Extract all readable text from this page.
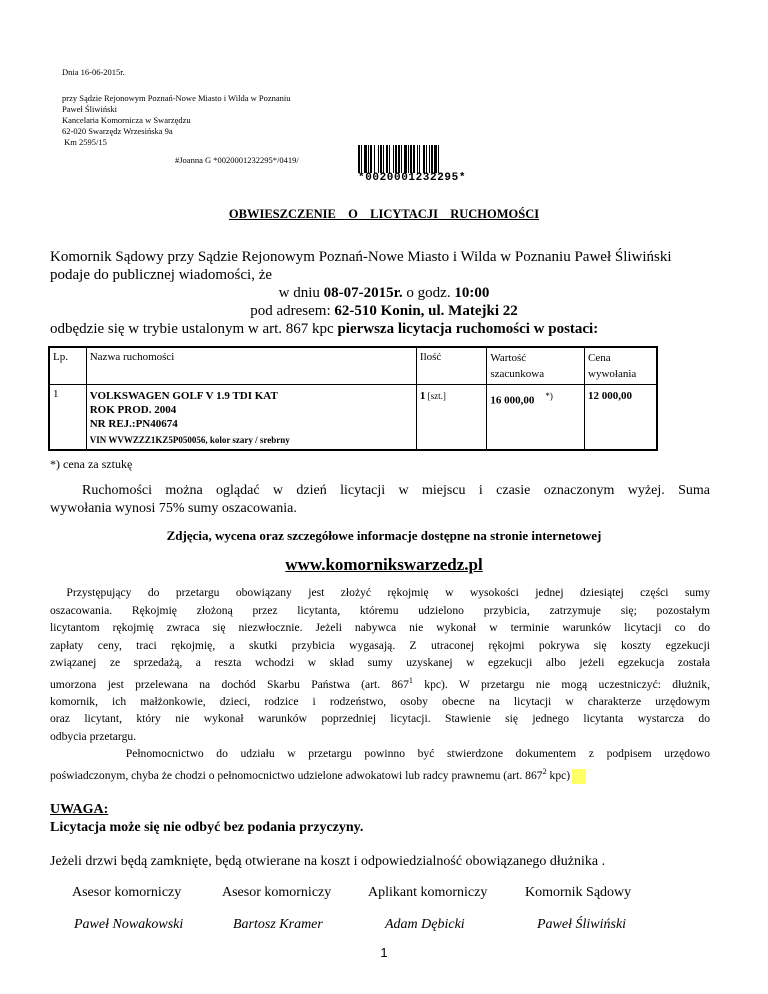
Dnia 16-06-2015r.
przy Sądzie Rejonowym Poznań-Nowe Miasto i Wilda w Poznaniu
Paweł Śliwiński
Kancelaria Komornicza w Swarzędzu
62-020 Swarzędz Wrzesińska 9a
Km 2595/15
#Joanna G *0020001232295*/0419/
*0020001232295*
OBWIESZCZENIE  O  LICYTACJI  RUCHOMOŚCI
Komornik Sądowy przy Sądzie Rejonowym Poznań-Nowe Miasto i Wilda w Poznaniu Paweł Śliwiński
podaje do publicznej wiadomości, że
w dniu 08-07-2015r. o godz. 10:00
pod adresem: 62-510 Konin, ul. Matejki 22
odbędzie się w trybie ustalonym w art. 867 kpc pierwsza licytacja ruchomości w postaci:
Lp.	Nazwa ruchomości	Ilość	Wartość szacunkowa	Cena wywołania
1	VOLKSWAGEN GOLF V 1.9 TDI KAT
ROK PROD. 2004
NR REJ.:PN40674
VIN WVWZZZ1KZ5P050056, kolor szary / srebrny	1 [szt.]	16 000,00 *)	12 000,00
*) cena za sztukę
Ruchomości można oglądać w dzień licytacji w miejscu i czasie oznaczonym wyżej. Suma
wywołania wynosi 75% sumy oszacowania.
Zdjęcia, wycena oraz szczegółowe informacje dostępne na stronie internetowej
www.komornikswarzedz.pl
Przystępujący do przetargu obowiązany jest złożyć rękojmię w wysokości jednej dziesiątej części sumy
oszacowania. Rękojmię złożoną przez licytanta, któremu udzielono przybicia, zatrzymuje się; pozostałym
licytantom rękojmię zwraca się niezwłocznie. Jeżeli nabywca nie wykonał w terminie warunków licytacji co do
zapłaty ceny, traci rękojmię, a skutki przybicia wygasają. Z utraconej rękojmi pokrywa się koszty egzekucji
związanej ze sprzedażą, a reszta wchodzi w skład sumy uzyskanej w egzekucji albo jeżeli egzekucja została
umorzona jest przelewana na dochód Skarbu Państwa (art. $867^1$ kpc). W przetargu nie mogą uczestniczyć: dłużnik,
komornik, ich małżonkowie, dzieci, rodzice i rodzeństwo, osoby obecne na licytacji w charakterze urzędowym
oraz licytant, który nie wykonał warunków poprzedniej licytacji. Stawienie się jednego licytanta wystarcza do
odbycia przetargu.
Pełnomocnictwo do udziału w przetargu powinno być stwierdzone dokumentem z podpisem urzędowo
poświadczonym, chyba że chodzi o pełnomocnictwo udzielone adwokatowi lub radcy prawnemu (art. $867^2$ kpc)
UWAGA:
Licytacja może się nie odbyć bez podania przyczyny.
Jeżeli drzwi będą zamknięte, będą otwierane na koszt i odpowiedzialność obowiązanego dłużnika .
Asesor komorniczy	Asesor komorniczy	Aplikant komorniczy	Komornik Sądowy
Paweł Nowakowski	Bartosz Kramer	Adam Dębicki	Paweł Śliwiński
1
